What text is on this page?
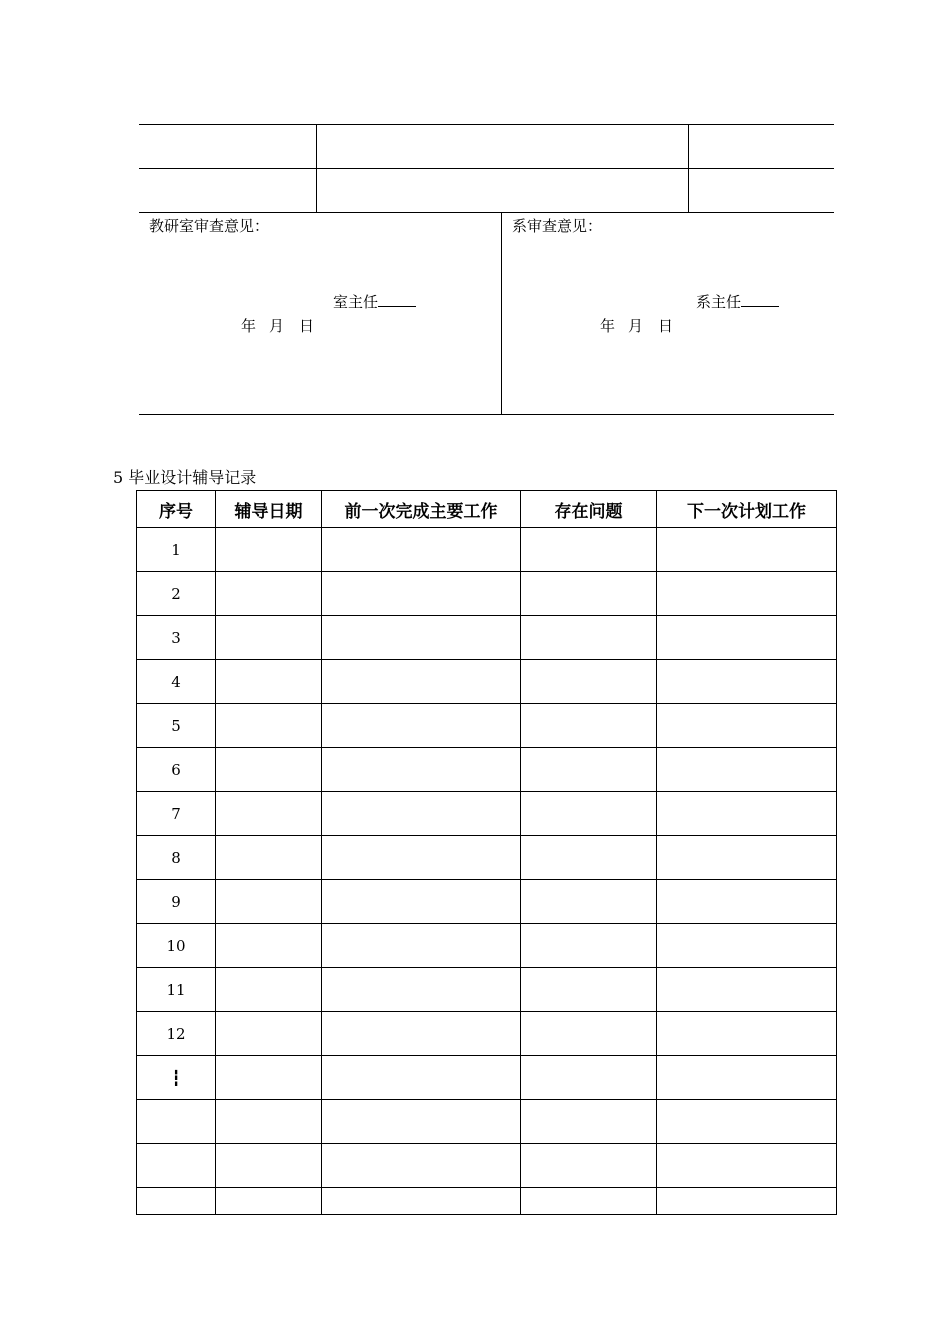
教研室审查意见：
室主任
年 月 日
系审查意见：
系主任
年 月 日
5 毕业设计辅导记录
序号	辅导日期	前一次完成主要工作	存在问题	下一次计划工作
1				
2				
3				
4				
5				
6				
7				
8				
9				
10				
11				
12				
┇				
